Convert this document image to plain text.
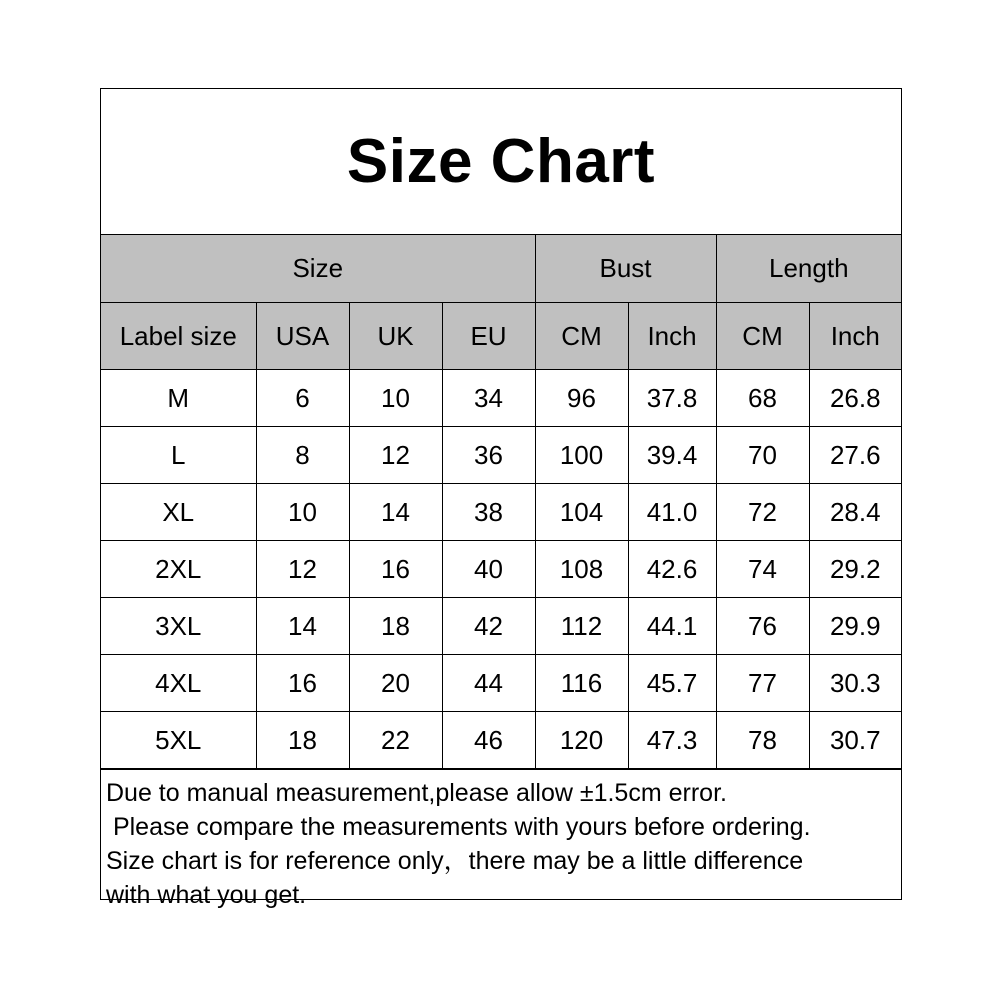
Size Chart
Size				Bust		Length	
Label size	USA	UK	EU	CM	Inch	CM	Inch
M	6	10	34	96	37.8	68	26.8
L	8	12	36	100	39.4	70	27.6
XL	10	14	38	104	41.0	72	28.4
2XL	12	16	40	108	42.6	74	29.2
3XL	14	18	42	112	44.1	76	29.9
4XL	16	20	44	116	45.7	77	30.3
5XL	18	22	46	120	47.3	78	30.7
Due to manual measurement,please allow ±1.5cm error.
Please compare the measurements with yours before ordering.
Size chart is for reference only，there may be a little difference
with what you get.
